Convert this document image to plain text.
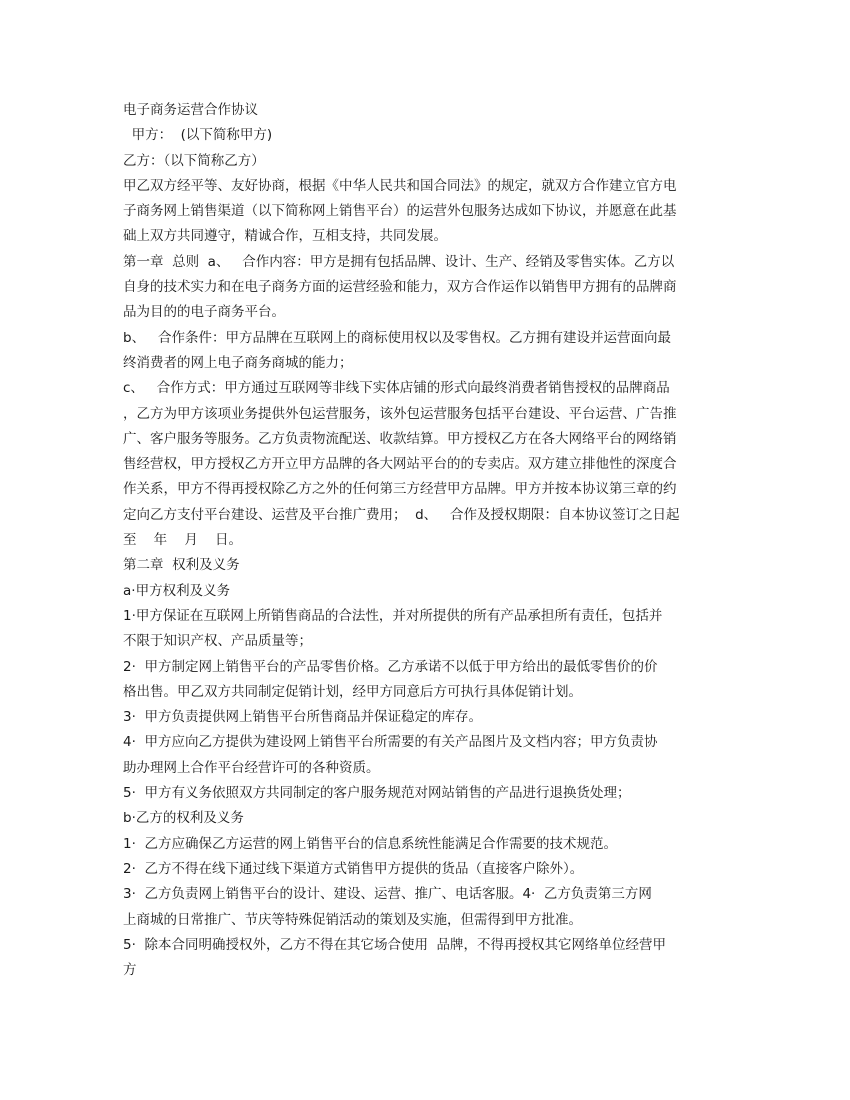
电子商务运营合作协议
甲方：  (以下简称甲方)
乙方：（以下简称乙方）
甲乙双方经平等、友好协商，根据《中华人民共和国合同法》的规定，就双方合作建立官方电
子商务网上销售渠道（以下简称网上销售平台）的运营外包服务达成如下协议，并愿意在此基
础上双方共同遵守，精诚合作，互相支持，共同发展。
第一章  总则  a、   合作内容：甲方是拥有包括品牌、设计、生产、经销及零售实体。乙方以
自身的技术实力和在电子商务方面的运营经验和能力，双方合作运作以销售甲方拥有的品牌商
品为目的的电子商务平台。
b、   合作条件：甲方品牌在互联网上的商标使用权以及零售权。乙方拥有建设并运营面向最
终消费者的网上电子商务商城的能力；
c、   合作方式：甲方通过互联网等非线下实体店铺的形式向最终消费者销售授权的品牌商品
，乙方为甲方该项业务提供外包运营服务，该外包运营服务包括平台建设、平台运营、广告推
广、客户服务等服务。乙方负责物流配送、收款结算。甲方授权乙方在各大网络平台的网络销
售经营权，甲方授权乙方开立甲方品牌的各大网站平台的的专卖店。双方建立排他性的深度合
作关系，甲方不得再授权除乙方之外的任何第三方经营甲方品牌。甲方并按本协议第三章的约
定向乙方支付平台建设、运营及平台推广费用；  d、   合作及授权期限：自本协议签订之日起
至    年    月    日。
第二章  权利及义务
a·甲方权利及义务
1·甲方保证在互联网上所销售商品的合法性，并对所提供的所有产品承担所有责任，包括并
不限于知识产权、产品质量等；
2·  甲方制定网上销售平台的产品零售价格。乙方承诺不以低于甲方给出的最低零售价的价
格出售。甲乙双方共同制定促销计划，经甲方同意后方可执行具体促销计划。
3·  甲方负责提供网上销售平台所售商品并保证稳定的库存。
4·  甲方应向乙方提供为建设网上销售平台所需要的有关产品图片及文档内容；甲方负责协
助办理网上合作平台经营许可的各种资质。
5·  甲方有义务依照双方共同制定的客户服务规范对网站销售的产品进行退换货处理；
b·乙方的权利及义务
1·  乙方应确保乙方运营的网上销售平台的信息系统性能满足合作需要的技术规范。
2·  乙方不得在线下通过线下渠道方式销售甲方提供的货品（直接客户除外）。
3·  乙方负责网上销售平台的设计、建设、运营、推广、电话客服。4·  乙方负责第三方网
上商城的日常推广、节庆等特殊促销活动的策划及实施，但需得到甲方批准。
5·  除本合同明确授权外，乙方不得在其它场合使用  品牌，不得再授权其它网络单位经营甲
方
